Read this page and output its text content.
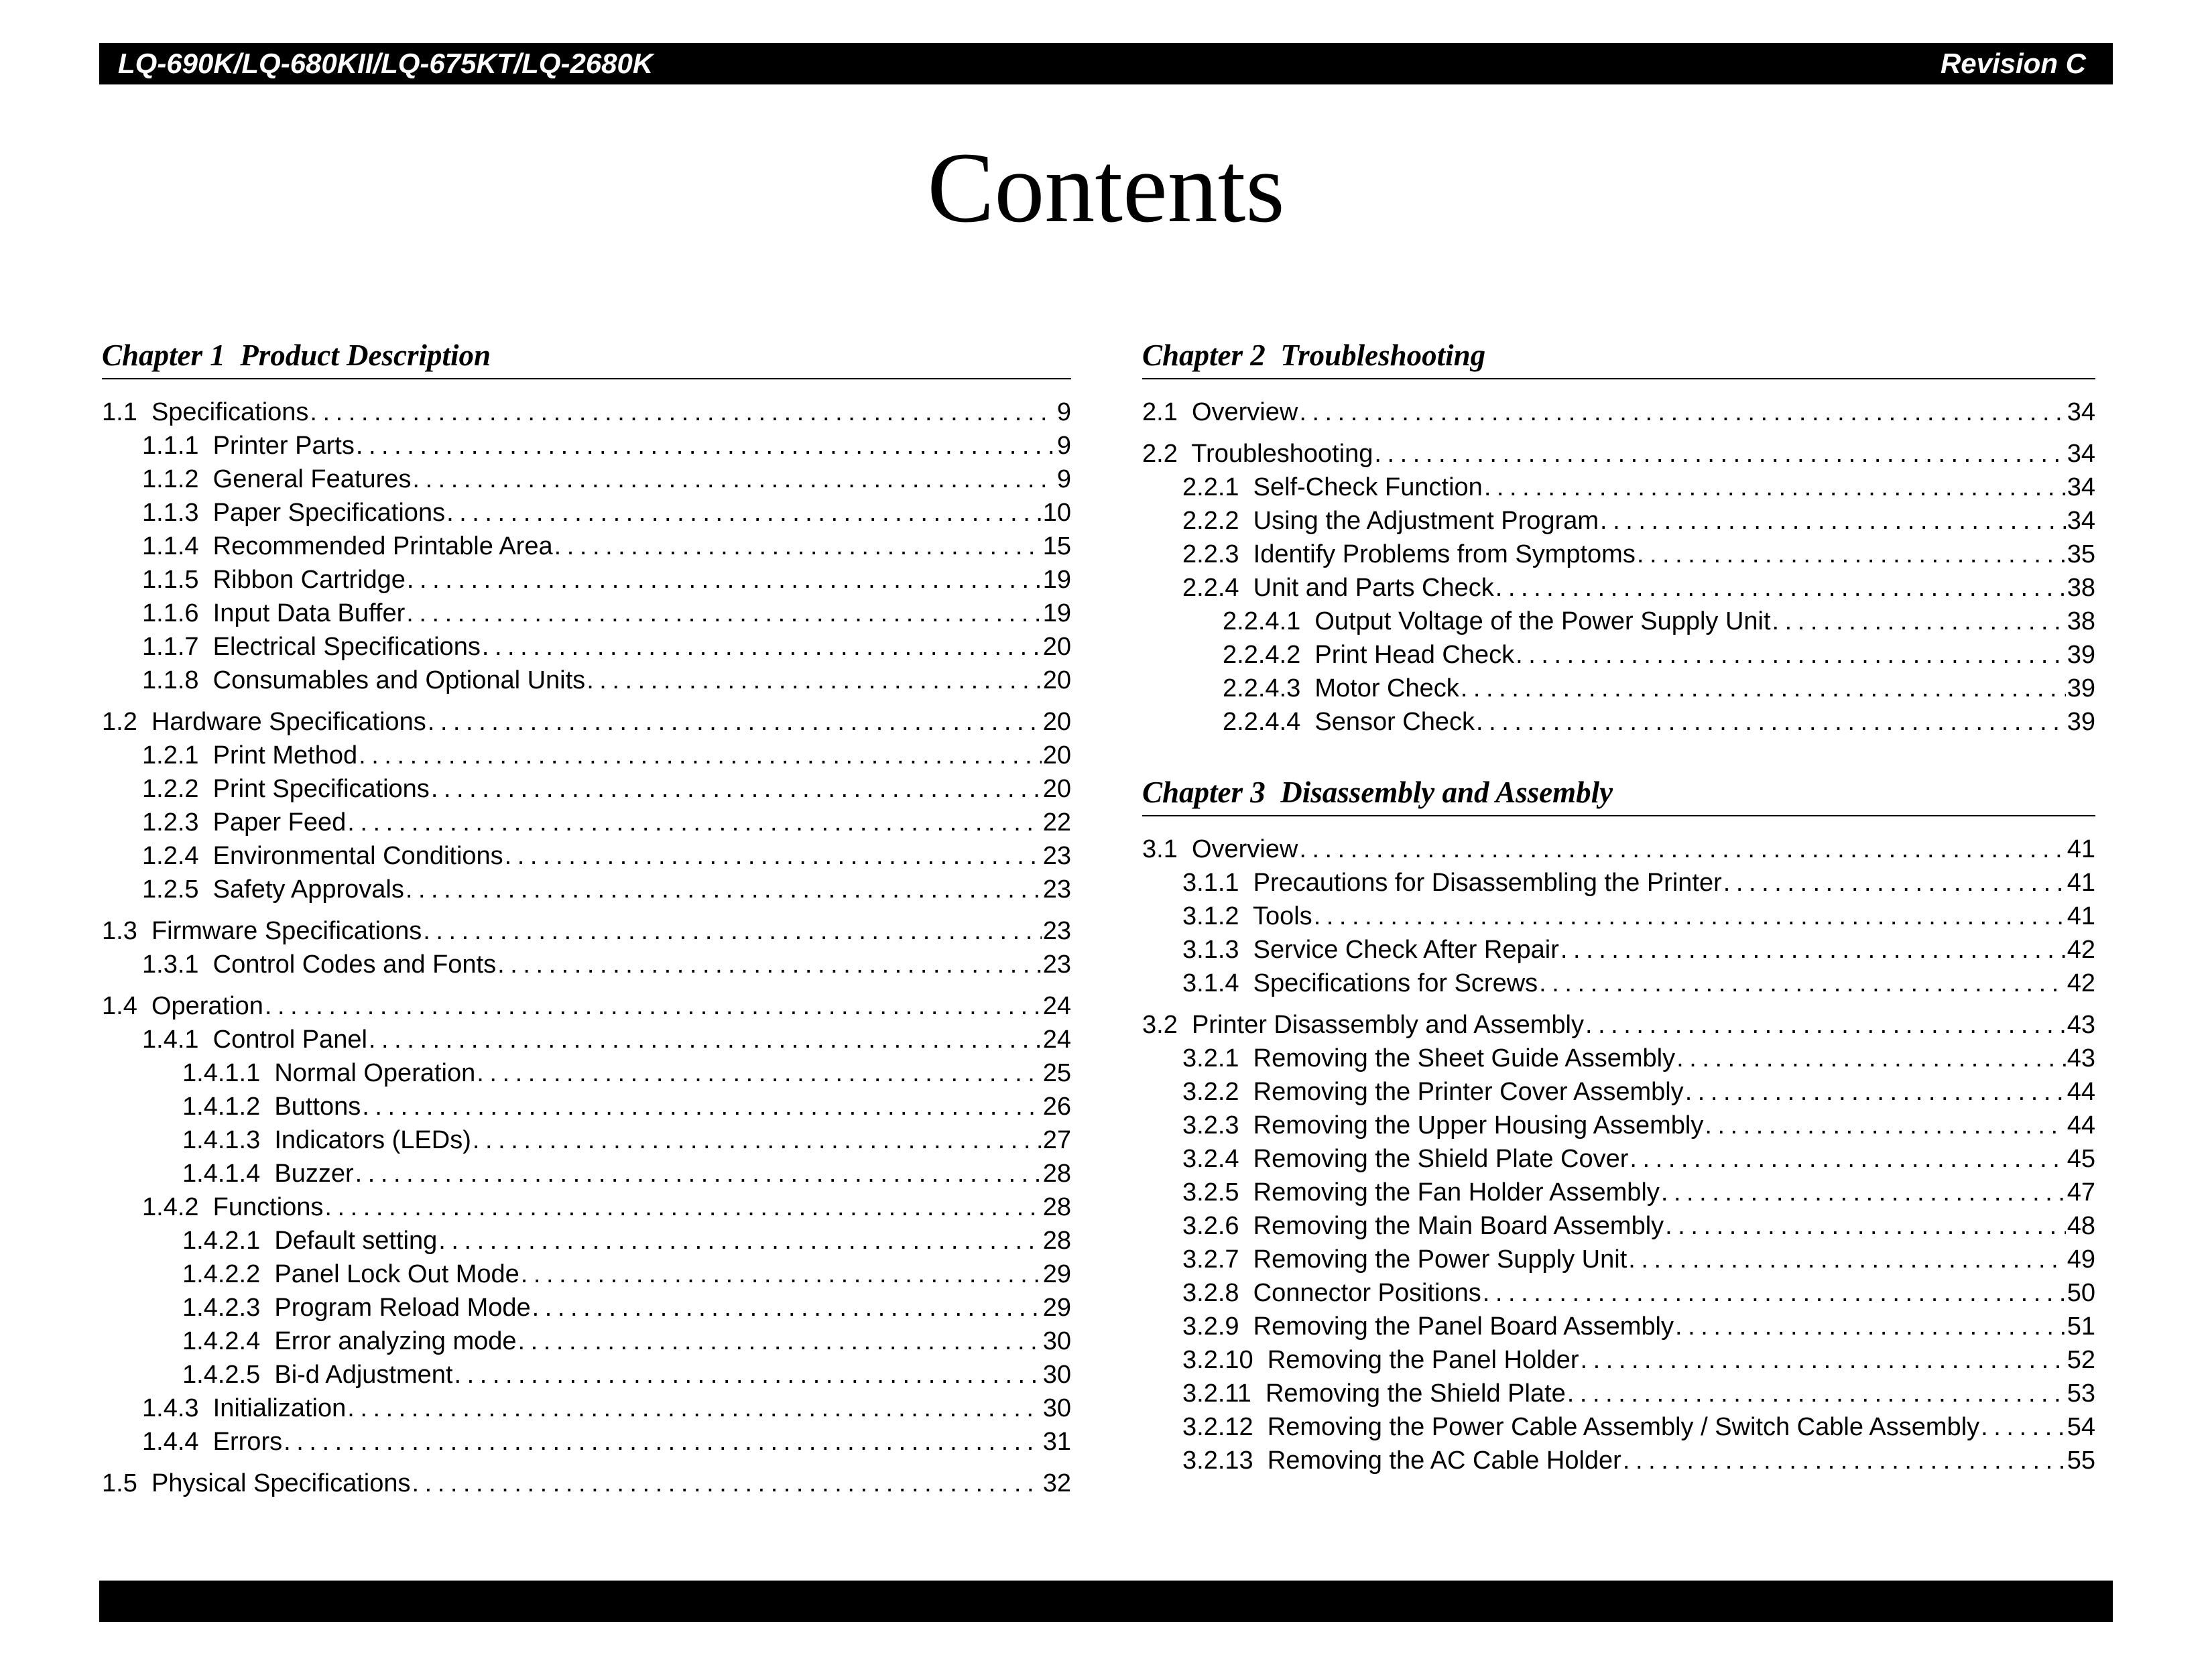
LQ-690K/LQ-680KII/LQ-675KT/LQ-2680K	Revision C
Contents
Chapter 1  Product Description
1.1 Specifications . . .	9
1.1.1 Printer Parts . . .	9
1.1.2 General Features . . .	9
1.1.3 Paper Specifications . . .	10
1.1.4 Recommended Printable Area . . .	15
1.1.5 Ribbon Cartridge . . .	19
1.1.6 Input Data Buffer . . .	19
1.1.7 Electrical Specifications . . .	20
1.1.8 Consumables and Optional Units . . .	20
1.2 Hardware Specifications . . .	20
1.2.1 Print Method . . .	20
1.2.2 Print Specifications . . .	20
1.2.3 Paper Feed . . .	22
1.2.4 Environmental Conditions . . .	23
1.2.5 Safety Approvals . . .	23
1.3 Firmware Specifications . . .	23
1.3.1 Control Codes and Fonts . . .	23
1.4 Operation . . .	24
1.4.1 Control Panel . . .	24
1.4.1.1 Normal Operation . . .	25
1.4.1.2 Buttons . . .	26
1.4.1.3 Indicators (LEDs) . . .	27
1.4.1.4 Buzzer . . .	28
1.4.2 Functions . . .	28
1.4.2.1 Default setting . . .	28
1.4.2.2 Panel Lock Out Mode . . .	29
1.4.2.3 Program Reload Mode . . .	29
1.4.2.4 Error analyzing mode . . .	30
1.4.2.5 Bi-d Adjustment . . .	30
1.4.3 Initialization . . .	30
1.4.4 Errors . . .	31
1.5 Physical Specifications . . .	32
Chapter 2  Troubleshooting
2.1 Overview . . .	34
2.2 Troubleshooting . . .	34
2.2.1 Self-Check Function . . .	34
2.2.2 Using the Adjustment Program . . .	34
2.2.3 Identify Problems from Symptoms . . .	35
2.2.4 Unit and Parts Check . . .	38
2.2.4.1 Output Voltage of the Power Supply Unit . . .	38
2.2.4.2 Print Head Check . . .	39
2.2.4.3 Motor Check . . .	39
2.2.4.4 Sensor Check . . .	39
Chapter 3  Disassembly and Assembly
3.1 Overview . . .	41
3.1.1 Precautions for Disassembling the Printer . . .	41
3.1.2 Tools . . .	41
3.1.3 Service Check After Repair . . .	42
3.1.4 Specifications for Screws . . .	42
3.2 Printer Disassembly and Assembly . . .	43
3.2.1 Removing the Sheet Guide Assembly . . .	43
3.2.2 Removing the Printer Cover Assembly . . .	44
3.2.3 Removing the Upper Housing Assembly . . .	44
3.2.4 Removing the Shield Plate Cover . . .	45
3.2.5 Removing the Fan Holder Assembly . . .	47
3.2.6 Removing the Main Board Assembly . . .	48
3.2.7 Removing the Power Supply Unit . . .	49
3.2.8 Connector Positions . . .	50
3.2.9 Removing the Panel Board Assembly . . .	51
3.2.10 Removing the Panel Holder . . .	52
3.2.11 Removing the Shield Plate . . .	53
3.2.12 Removing the Power Cable Assembly / Switch Cable Assembly . . .	54
3.2.13 Removing the AC Cable Holder . . .	55
